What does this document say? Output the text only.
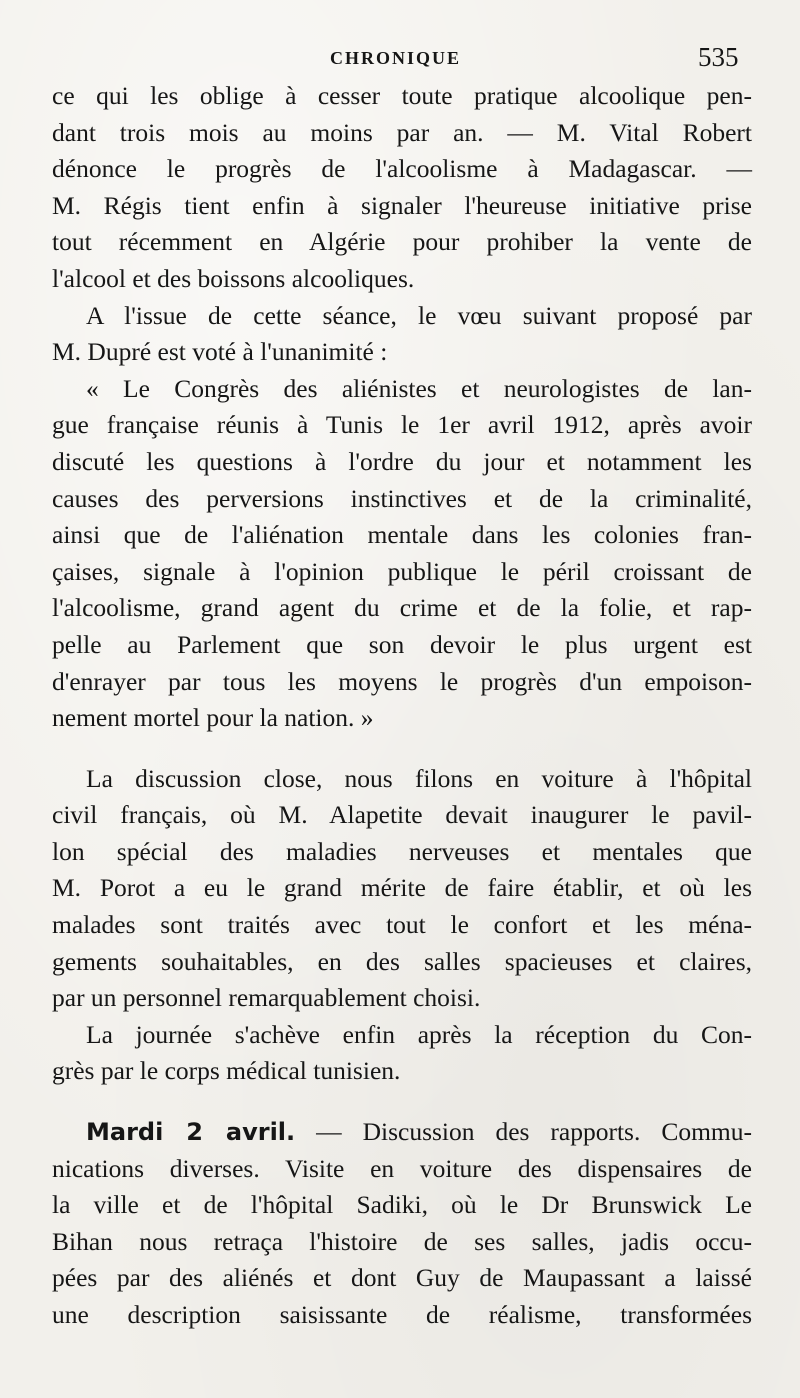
CHRONIQUE	535
ce qui les oblige à cesser toute pratique alcoolique pen-
dant trois mois au moins par an. — M. Vital Robert
dénonce le progrès de l'alcoolisme à Madagascar. —
M. Régis tient enfin à signaler l'heureuse initiative prise
tout récemment en Algérie pour prohiber la vente de
l'alcool et des boissons alcooliques.
A l'issue de cette séance, le vœu suivant proposé par
M. Dupré est voté à l'unanimité :
« Le Congrès des aliénistes et neurologistes de lan-
gue française réunis à Tunis le 1er avril 1912, après avoir
discuté les questions à l'ordre du jour et notamment les
causes des perversions instinctives et de la criminalité,
ainsi que de l'aliénation mentale dans les colonies fran-
çaises, signale à l'opinion publique le péril croissant de
l'alcoolisme, grand agent du crime et de la folie, et rap-
pelle au Parlement que son devoir le plus urgent est
d'enrayer par tous les moyens le progrès d'un empoison-
nement mortel pour la nation. »
La discussion close, nous filons en voiture à l'hôpital
civil français, où M. Alapetite devait inaugurer le pavil-
lon spécial des maladies nerveuses et mentales que
M. Porot a eu le grand mérite de faire établir, et où les
malades sont traités avec tout le confort et les ména-
gements souhaitables, en des salles spacieuses et claires,
par un personnel remarquablement choisi.
La journée s'achève enfin après la réception du Con-
grès par le corps médical tunisien.
Mardi 2 avril. — Discussion des rapports. Commu-
nications diverses. Visite en voiture des dispensaires de
la ville et de l'hôpital Sadiki, où le Dr Brunswick Le
Bihan nous retraça l'histoire de ses salles, jadis occu-
pées par des aliénés et dont Guy de Maupassant a laissé
une description saisissante de réalisme, transformées
